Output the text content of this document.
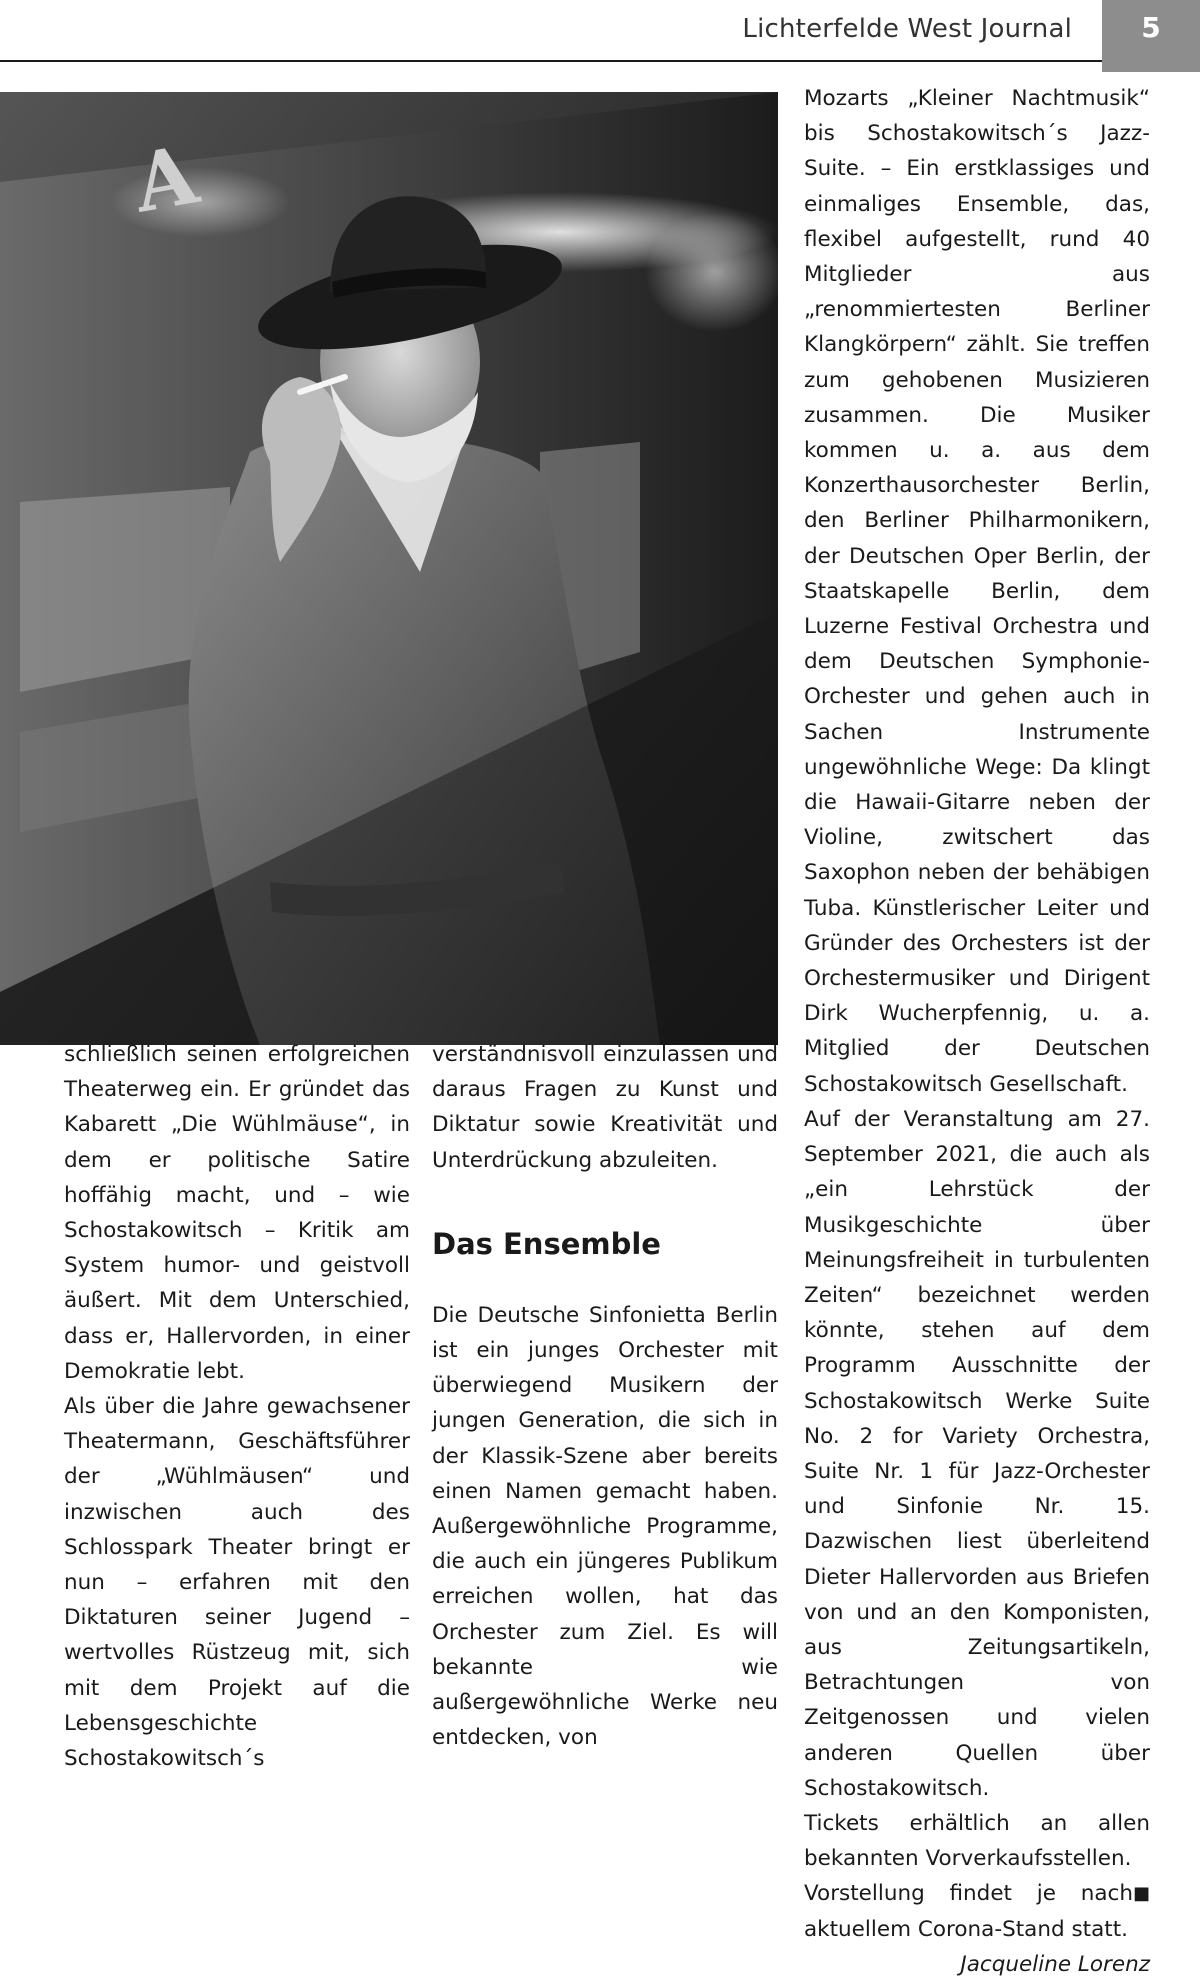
Lichterfelde West Journal 5
A

schließlich seinen erfolgreichen Theaterweg ein. Er gründet das Kabarett „Die Wühlmäuse“, in dem er politische Satire hoffähig macht, und – wie Schostakowitsch – Kritik am System humor- und geistvoll äußert. Mit dem Unterschied, dass er, Hallervorden, in einer Demokratie lebt.

Als über die Jahre gewachsener Theatermann, Geschäftsführer der „Wühlmäusen“ und inzwischen auch des Schlosspark Theater bringt er nun – erfahren mit den Diktaturen seiner Jugend – wertvolles Rüstzeug mit, sich mit dem Projekt auf die Lebensgeschichte Schostakowitsch´s

verständnisvoll einzulassen und daraus Fragen zu Kunst und Diktatur sowie Kreativität und Unterdrückung abzuleiten.

Das Ensemble

Die Deutsche Sinfonietta Berlin ist ein junges Orchester mit überwiegend Musikern der jungen Generation, die sich in der Klassik-Szene aber bereits einen Namen gemacht haben. Außergewöhnliche Programme, die auch ein jüngeres Publikum erreichen wollen, hat das Orchester zum Ziel. Es will bekannte wie außergewöhnliche Werke neu entdecken, von

Mozarts „Kleiner Nachtmusik“ bis Schostakowitsch´s Jazz-Suite. – Ein erstklassiges und einmaliges Ensemble, das, flexibel aufgestellt, rund 40 Mitglieder aus „renommiertesten Berliner Klangkörpern“ zählt. Sie treffen zum gehobenen Musizieren zusammen. Die Musiker kommen u. a. aus dem Konzerthausorchester Berlin, den Berliner Philharmonikern, der Deutschen Oper Berlin, der Staatskapelle Berlin, dem Luzerne Festival Orchestra und dem Deutschen Symphonie-Orchester und gehen auch in Sachen Instrumente ungewöhnliche Wege: Da klingt die Hawaii-Gitarre neben der Violine, zwitschert das Saxophon neben der behäbigen Tuba. Künstlerischer Leiter und Gründer des Orchesters ist der Orchestermusiker und Dirigent Dirk Wucherpfennig, u. a. Mitglied der Deutschen Schostakowitsch Gesellschaft.

Auf der Veranstaltung am 27. September 2021, die auch als „ein Lehrstück der Musikgeschichte über Meinungsfreiheit in turbulenten Zeiten“ bezeichnet werden könnte, stehen auf dem Programm Ausschnitte der Schostakowitsch Werke Suite No. 2 for Variety Orchestra, Suite Nr. 1 für Jazz-Orchester und Sinfonie Nr. 15. Dazwischen liest überleitend Dieter Hallervorden aus Briefen von und an den Komponisten, aus Zeitungsartikeln, Betrachtungen von Zeitgenossen und vielen anderen Quellen über Schostakowitsch.

Tickets erhältlich an allen bekannten Vorverkaufsstellen.

■
Vorstellung findet je nach aktuellem Corona-Stand statt.

Jacqueline Lorenz
